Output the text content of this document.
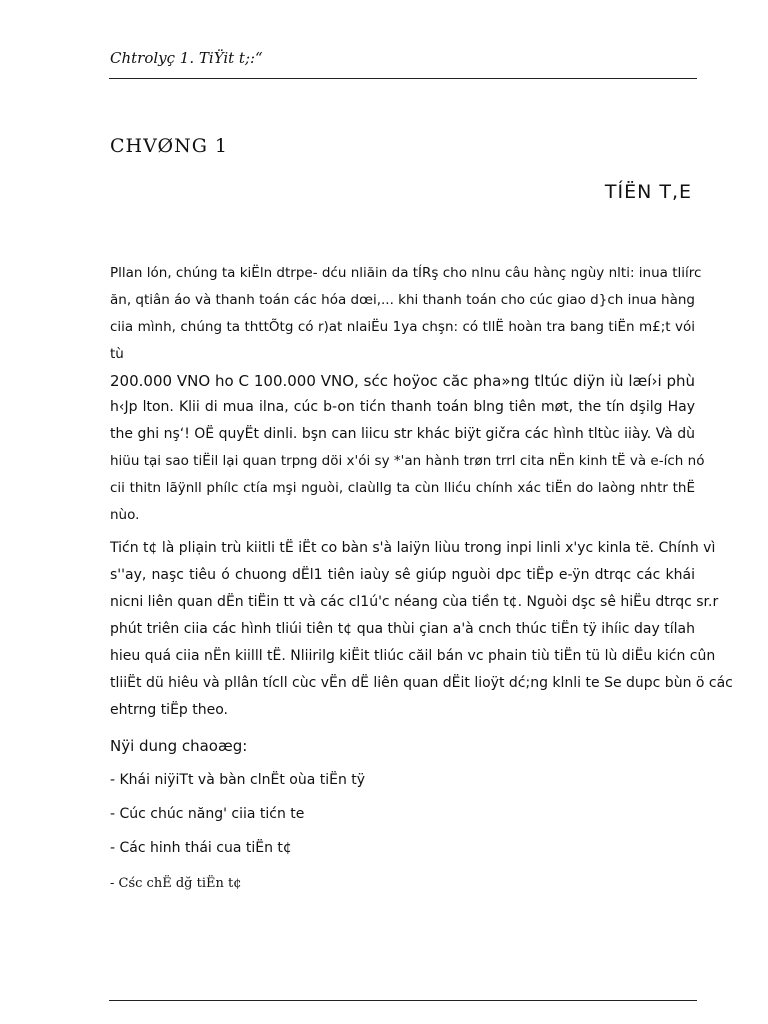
Chtrolyç 1. TiŸit t;:“
CHVØNG 1
TÍËN T,E
Pllan lón, chúng ta kiËln dtrpe- dću nliăin da tÍRş cho nlnu câu hànç ngùy nlti: inua tliírc
ăn, qtiân áo và thanh toán các hóa dœi,... khi thanh toán cho cúc giao d}ch inua hàng
ciia mình, chúng ta thttÕtg có r)at nlaiËu 1ya chşn: có tllË hoàn tra bang tiËn m£;t vói
tù
200.000 VNO ho C 100.000 VNO, sćc hoÿoc căc pha»ng tltúc diÿn iù læí›i phù
h‹Jp lton. Klii di mua ilna, cúc b-on tićn thanh toán blng tiên møt, the tín dşilg Hay
the ghi nş‘! OË quyËt dinli. bşn can liicu str khác biÿt gičra các hình tltùc iiày. Và dù
hiüu tại sao tiËil lại quan trpng döi x'ói sy *'an hành trøn trrl cita nËn kinh tË và e-ích nó
cii thitn lãÿnll phílc ctía mşi nguòi, claùllg ta cùn lliću chính xác tiËn do laòng nhtr thË
nùo.
Tićn t¢ là pliạin trù kiitli tË iËt co bàn s'à laiÿn liùu trong inpi linli x'yc kinla të. Chính vì
s''ay, naşc tiêu ó chuong dËl1 tiên iaùy sê giúp nguòi dpc tiËp e-ÿn dtrqc các khái
nicni liên quan dËn tiËin tt và các cl1ú'c néang cùa tiền t¢. Nguòi dşc sê hiËu dtrqc sr.r
phút triên ciia các hình tliúi tiên t¢ qua thùi çian a'à cnch thúc tiËn tÿ ihíic day tílah
hieu quá ciia nËn kiilll tË. Nliirilg kiËit tliúc căil bán vc phain tiù tiËn tü lù diËu kićn cûn
tliiËt dü hiêu và pllân tícll cùc vËn dË liên quan dËit lioÿt dć;ng klnli te Se dupc bùn ö các
ehtrng tiËp theo.
Nÿi dung chaoæg:
- Khái niÿiTt và bàn clnËt oùa tiËn tÿ
- Cúc chúc năng' ciia tićn te
- Các hinh thái cua tiËn t¢
- Cśc chË dğ tiËn t¢
